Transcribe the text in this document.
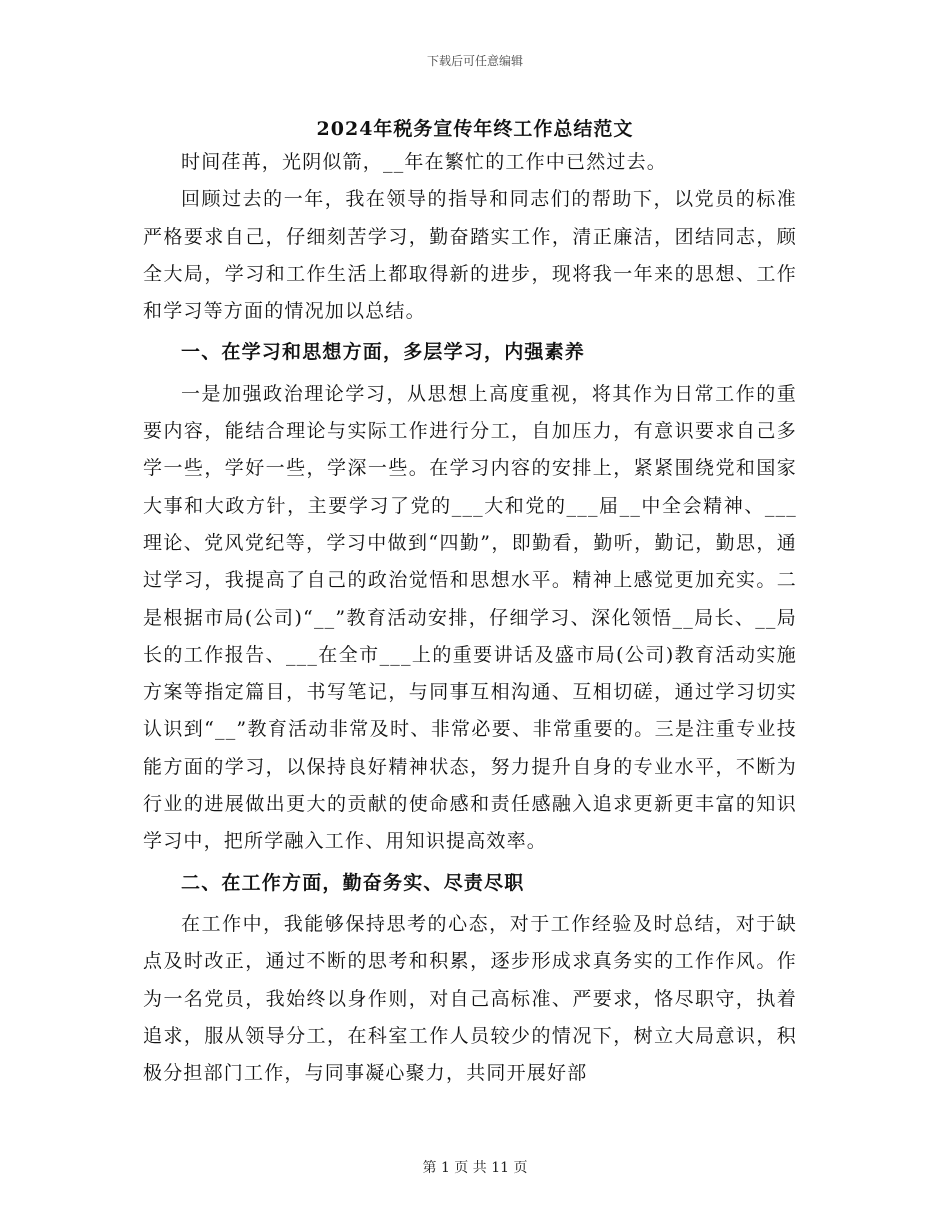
下载后可任意编辑
2024年税务宣传年终工作总结范文

时间荏苒，光阴似箭，__年在繁忙的工作中已然过去。

回顾过去的一年，我在领导的指导和同志们的帮助下，以党员的标准严格要求自己，仔细刻苦学习，勤奋踏实工作，清正廉洁，团结同志，顾全大局，学习和工作生活上都取得新的进步，现将我一年来的思想、工作和学习等方面的情况加以总结。

一、在学习和思想方面，多层学习，内强素养

一是加强政治理论学习，从思想上高度重视，将其作为日常工作的重要内容，能结合理论与实际工作进行分工，自加压力，有意识要求自己多学一些，学好一些，学深一些。在学习内容的安排上，紧紧围绕党和国家大事和大政方针，主要学习了党的___大和党的___届__中全会精神、___理论、党风党纪等，学习中做到“四勤”，即勤看，勤听，勤记，勤思，通过学习，我提高了自己的政治觉悟和思想水平。精神上感觉更加充实。二是根据市局(公司)“__”教育活动安排，仔细学习、深化领悟__局长、__局长的工作报告、___在全市___上的重要讲话及盛市局(公司)教育活动实施方案等指定篇目，书写笔记，与同事互相沟通、互相切磋，通过学习切实认识到“__”教育活动非常及时、非常必要、非常重要的。三是注重专业技能方面的学习，以保持良好精神状态，努力提升自身的专业水平，不断为行业的进展做出更大的贡献的使命感和责任感融入追求更新更丰富的知识学习中，把所学融入工作、用知识提高效率。

二、在工作方面，勤奋务实、尽责尽职

在工作中，我能够保持思考的心态，对于工作经验及时总结，对于缺点及时改正，通过不断的思考和积累，逐步形成求真务实的工作作风。作为一名党员，我始终以身作则，对自己高标准、严要求，恪尽职守，执着追求，服从领导分工，在科室工作人员较少的情况下，树立大局意识，积极分担部门工作，与同事凝心聚力，共同开展好部

第 1 页 共 11 页
